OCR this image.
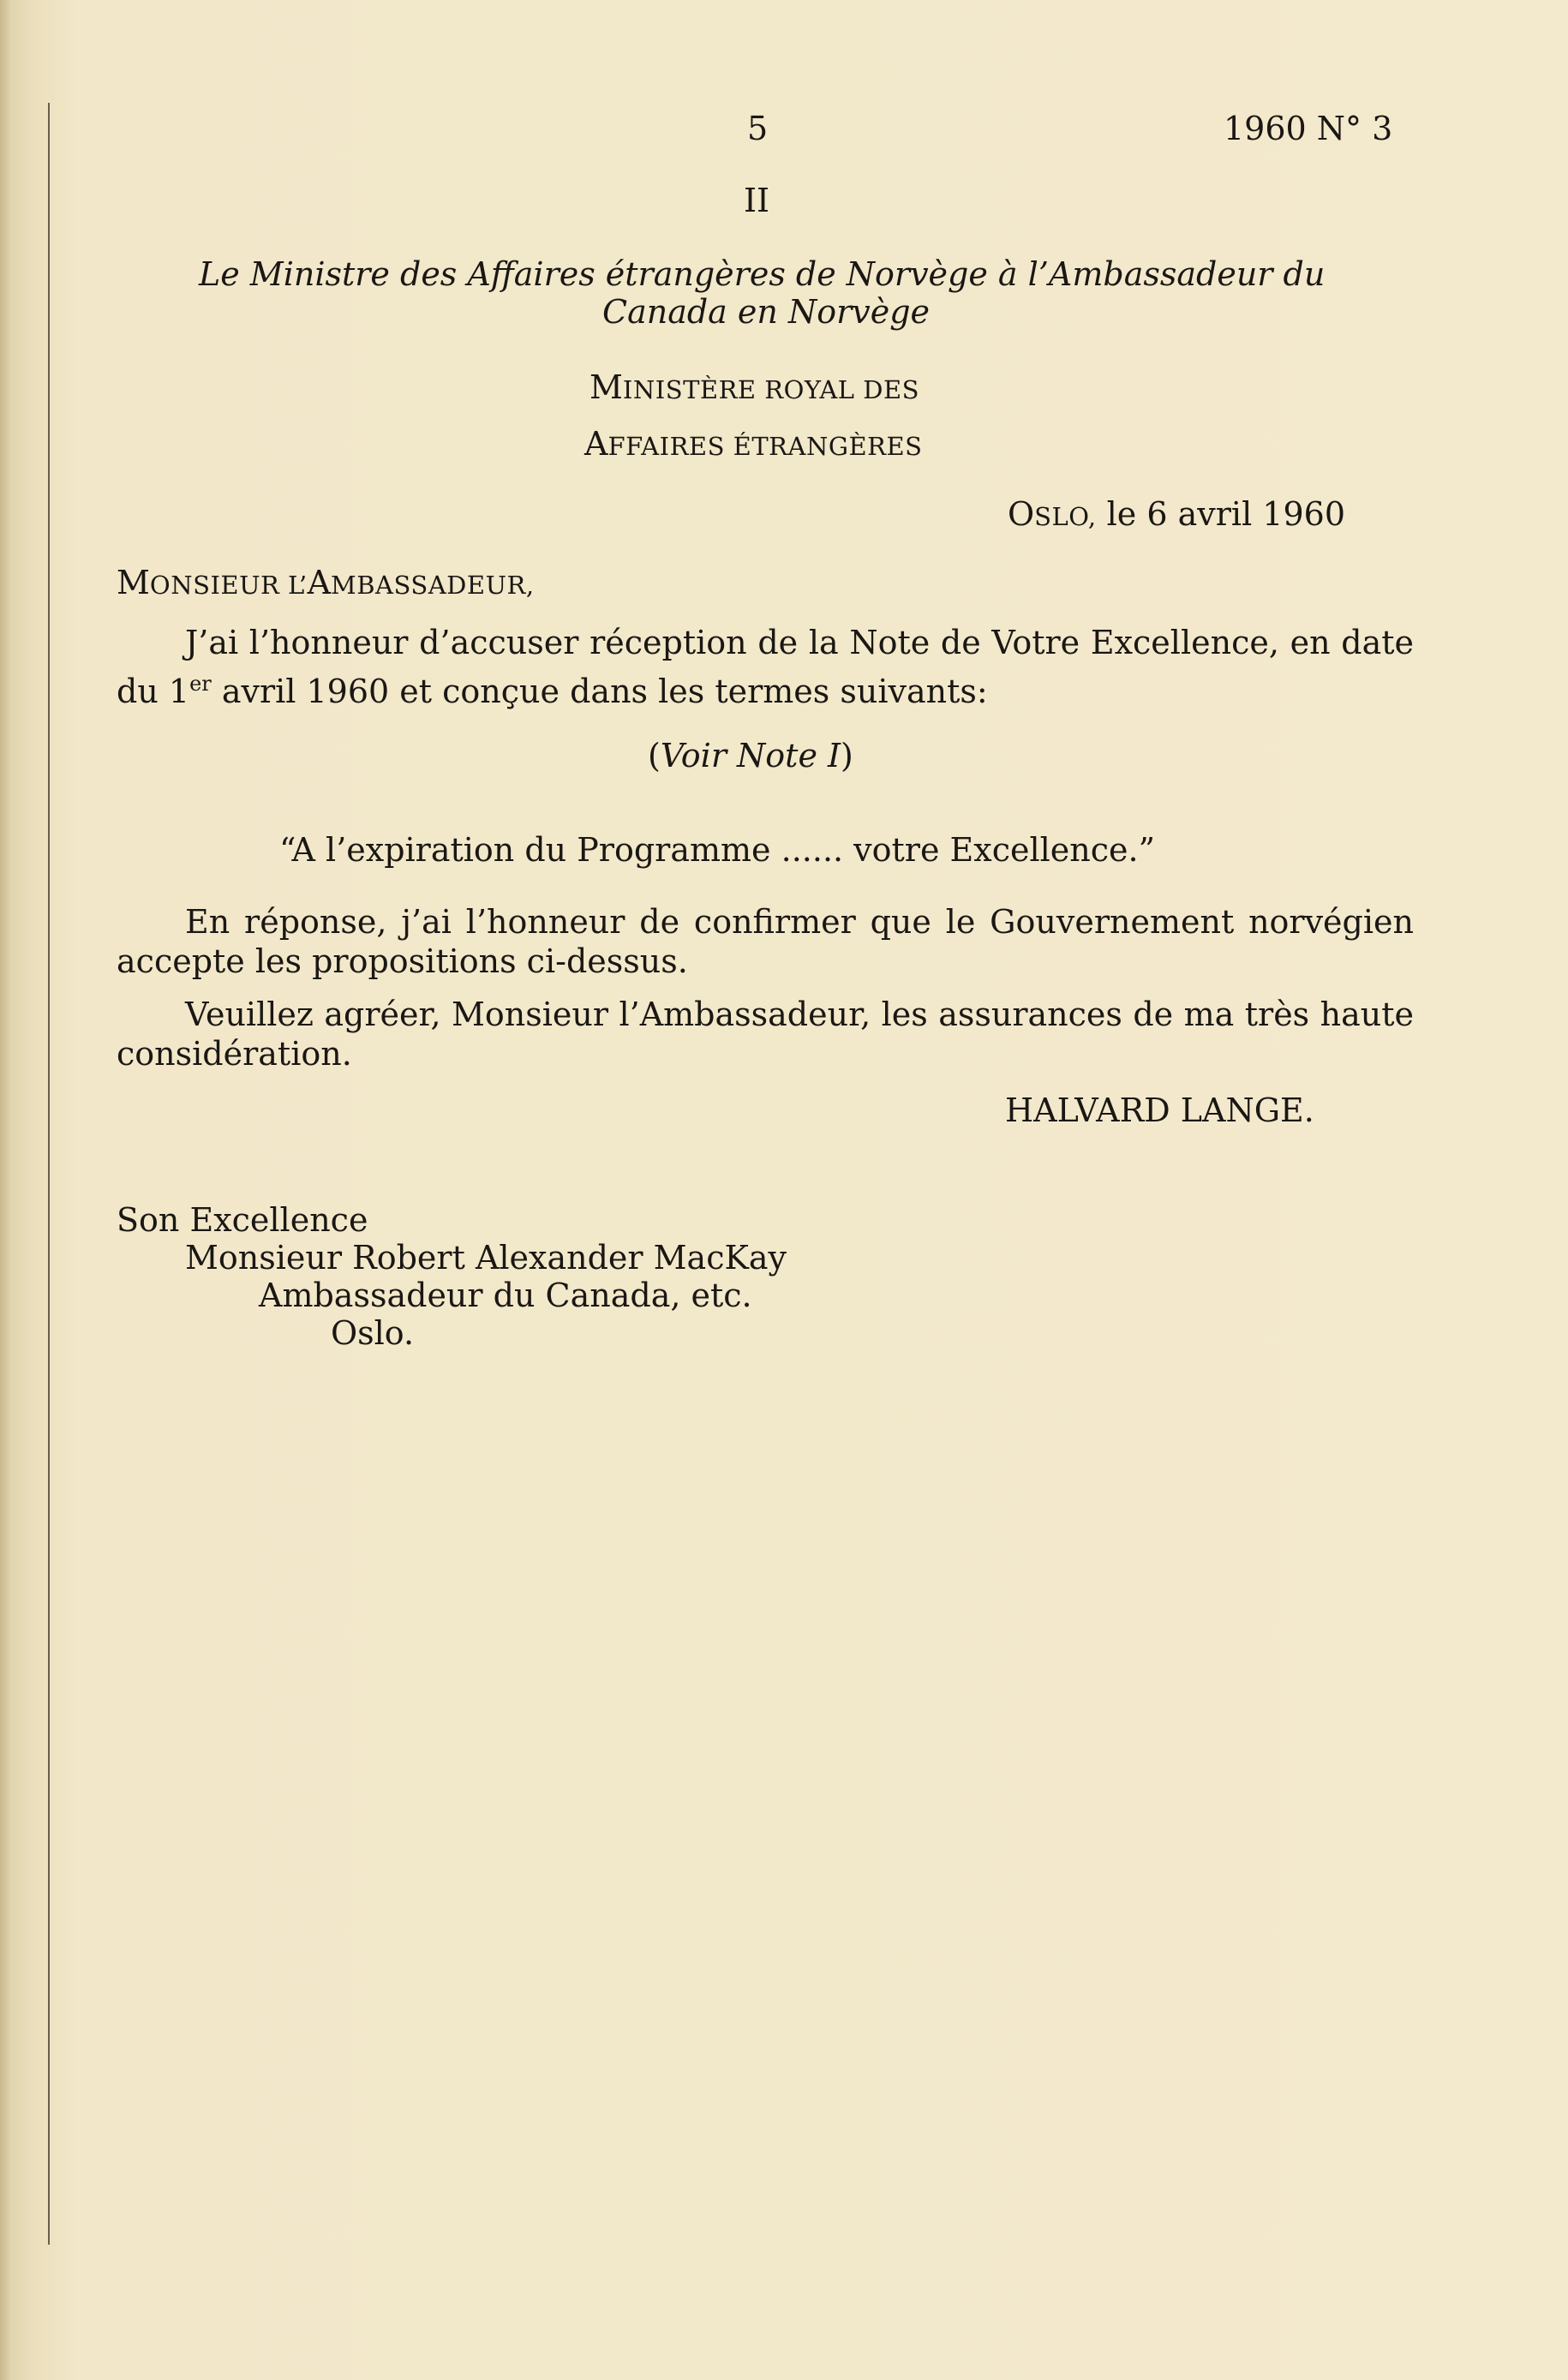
5	1960 N° 3
II
Le Ministre des Affaires étrangères de Norvège à l’Ambassadeur du
Canada en Norvège
MINISTÈRE ROYAL DES
AFFAIRES ÉTRANGÈRES
OSLO, le 6 avril 1960
MONSIEUR L’AMBASSADEUR,
J’ai l’honneur d’accuser réception de la Note de Votre Excellence, en date
du 1er avril 1960 et conçue dans les termes suivants:
(Voir Note I)
“A l’expiration du Programme ...... votre Excellence.”
En réponse, j’ai l’honneur de confirmer que le Gouvernement norvégien
accepte les propositions ci-dessus.
Veuillez agréer, Monsieur l’Ambassadeur, les assurances de ma très haute
considération.
HALVARD LANGE.
Son Excellence
Monsieur Robert Alexander MacKay
Ambassadeur du Canada, etc.
Oslo.
